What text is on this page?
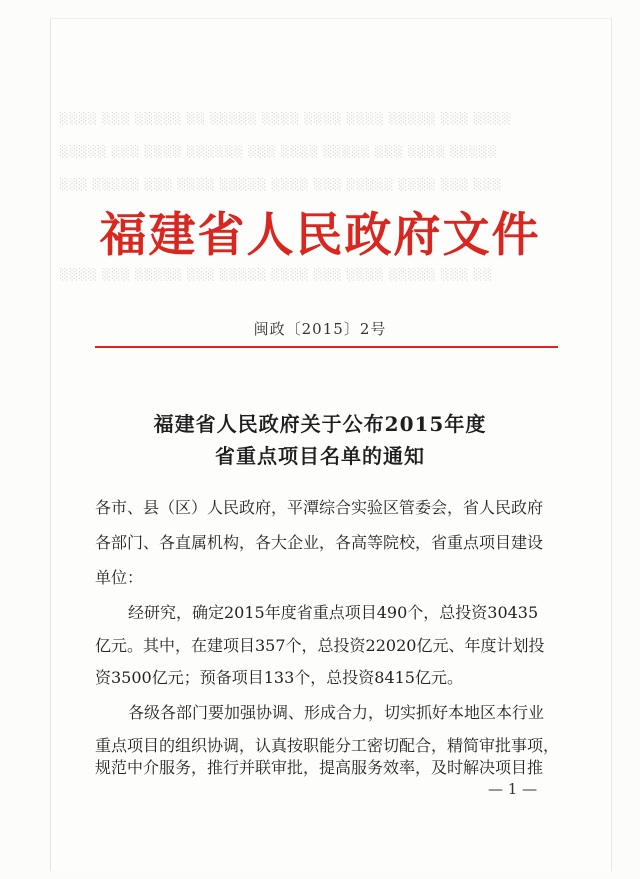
░░░░ ░░░ ░░░░░ ░░ ░░░░░ ░░░░ ░░░░ ░░░░ ░░░░░ ░░░ ░░░░
░░░░░ ░░░ ░░░░ ░░░░░░ ░░░ ░░░░ ░░░░░ ░░░ ░░░░ ░░░░░
░░░ ░░░░░ ░░░ ░░░░ ░░░░░ ░░░░ ░░░ ░░░░░ ░░░░ ░░░ ░░░
░░░░ ░░░ ░░░░░ ░░░ ░░░░░ ░░░░ ░░░ ░░░░ ░░░░░ ░░░ ░░
福建省人民政府文件
闽政〔2015〕2号
福建省人民政府关于公布2015年度
省重点项目名单的通知
各市、县（区）人民政府，平潭综合实验区管委会，省人民政府
各部门、各直属机构，各大企业，各高等院校，省重点项目建设
单位：
经研究，确定2015年度省重点项目490个，总投资30435
亿元。其中，在建项目357个，总投资22020亿元、年度计划投
资3500亿元；预备项目133个，总投资8415亿元。
各级各部门要加强协调、形成合力，切实抓好本地区本行业
重点项目的组织协调，认真按职能分工密切配合，精简审批事项，
规范中介服务，推行并联审批，提高服务效率，及时解决项目推
— 1 —
